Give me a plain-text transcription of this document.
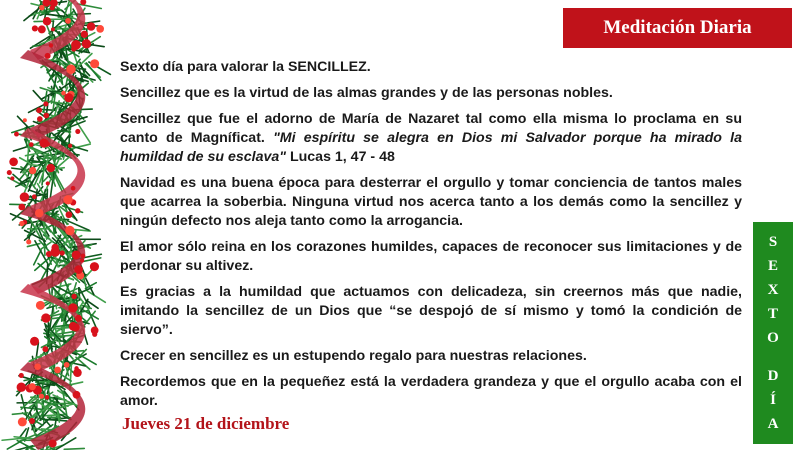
Meditación Diaria

Sexto día para valorar la SENCILLEZ.

Sencillez que es la virtud de las almas grandes y de las personas nobles.

Sencillez que fue el adorno de María de Nazaret tal como ella misma lo proclama en su canto de Magníficat. "Mi espíritu se alegra en Dios mi Salvador porque ha mirado la humildad de su esclava" Lucas 1, 47 - 48

Navidad es una buena época para desterrar el orgullo y tomar conciencia de tantos males que acarrea la soberbia. Ninguna virtud nos acerca tanto a los demás como la sencillez y ningún defecto nos aleja tanto como la arrogancia.

El amor sólo reina en los corazones humildes, capaces de reconocer sus limitaciones y de perdonar su altivez.

Es gracias a la humildad que actuamos con delicadeza, sin creernos más que nadie, imitando la sencillez de un Dios que “se despojó de sí mismo y tomó la condición de siervo”.

Crecer en sencillez es un estupendo regalo para nuestras relaciones.

Recordemos que en la pequeñez está la verdadera grandeza y que el orgullo acaba con el amor.

Jueves 21 de diciembre
S
E
X
T
O
D
Í
A
